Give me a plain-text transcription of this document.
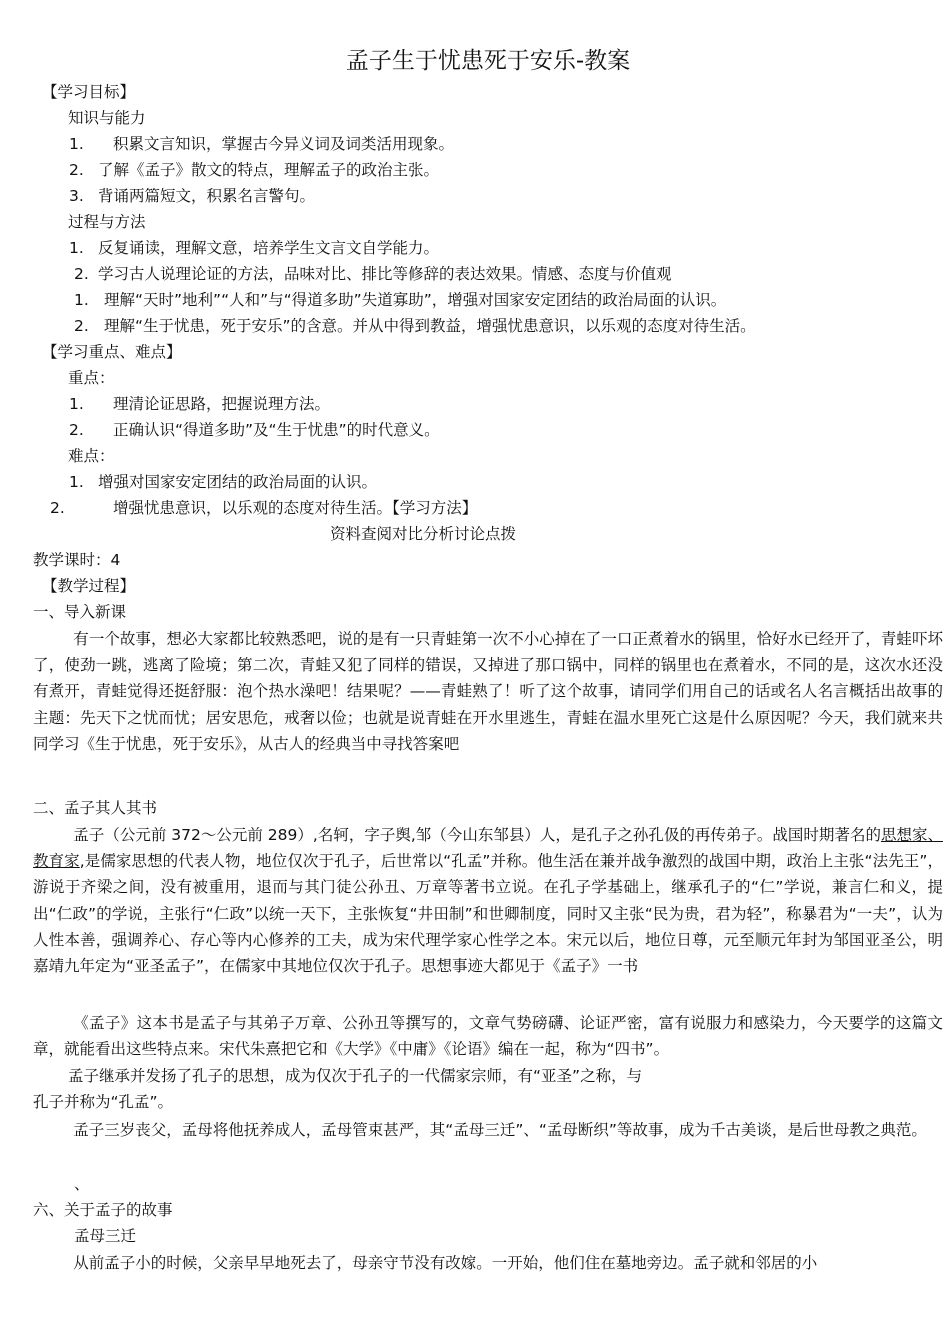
孟子生于忧患死于安乐-教案
【学习目标】
知识与能力
1. 积累文言知识，掌握古今异义词及词类活用现象。
2. 了解《孟子》散文的特点，理解孟子的政治主张。
3. 背诵两篇短文，积累名言警句。
过程与方法
1. 反复诵读，理解文意，培养学生文言文自学能力。
2. 学习古人说理论证的方法，品味对比、排比等修辞的表达效果。情感、态度与价值观
1. 理解“天时”地利”“人和”与“得道多助”失道寡助”，增强对国家安定团结的政治局面的认识。
2. 理解“生于忧患，死于安乐”的含意。并从中得到教益，增强忧患意识，以乐观的态度对待生活。
【学习重点、难点】
重点：
1. 理清论证思路，把握说理方法。
2. 正确认识“得道多助”及“生于忧患”的时代意义。
难点：
1. 增强对国家安定团结的政治局面的认识。
2.	增强忧患意识，以乐观的态度对待生活。【学习方法】
资料查阅对比分析讨论点拨
教学课时：4
【教学过程】
一、导入新课

有一个故事，想必大家都比较熟悉吧，说的是有一只青蛙第一次不小心掉在了一口正煮着水的锅里，恰好水已经开了，青蛙吓坏了，使劲一跳，逃离了险境；第二次，青蛙又犯了同样的错误，又掉进了那口锅中，同样的锅里也在煮着水，不同的是，这次水还没有煮开，青蛙觉得还挺舒服：泡个热水澡吧！结果呢？——青蛙熟了！听了这个故事，请同学们用自己的话或名人名言概括出故事的主题：先天下之忧而忧；居安思危，戒奢以俭；也就是说青蛙在开水里逃生，青蛙在温水里死亡这是什么原因呢？今天，我们就来共同学习《生于忧患，死于安乐》，从古人的经典当中寻找答案吧

二、孟子其人其书

孟子（公元前 372～公元前 289）,名轲，字子舆,邹（今山东邹县）人，是孔子之孙孔伋的再传弟子。战国时期著名的思想家、教育家,是儒家思想的代表人物，地位仅次于孔子，后世常以“孔孟”并称。他生活在兼并战争激烈的战国中期，政治上主张“法先王”，游说于齐梁之间，没有被重用，退而与其门徒公孙丑、万章等著书立说。在孔子学基础上，继承孔子的“仁”学说，兼言仁和义，提出“仁政”的学说，主张行“仁政”以统一天下，主张恢复“井田制”和世卿制度，同时又主张“民为贵，君为轻”，称暴君为“一夫”，认为人性本善，强调养心、存心等内心修养的工夫，成为宋代理学家心性学之本。宋元以后，地位日尊，元至顺元年封为邹国亚圣公，明嘉靖九年定为“亚圣孟子”，在儒家中其地位仅次于孔子。思想事迹大都见于《孟子》一书

《孟子》这本书是孟子与其弟子万章、公孙丑等撰写的，文章气势磅礴、论证严密，富有说服力和感染力，今天要学的这篇文章，就能看出这些特点来。宋代朱熹把它和《大学》《中庸》《论语》编在一起，称为“四书”。

孟子继承并发扬了孔子的思想，成为仅次于孔子的一代儒家宗师，有“亚圣”之称，与
孔子并称为“孔孟”。

孟子三岁丧父，孟母将他抚养成人，孟母管束甚严，其“孟母三迁”、“孟母断织”等故事，成为千古美谈，是后世母教之典范。

、
六、关于孟子的故事
孟母三迁

从前孟子小的时候，父亲早早地死去了，母亲守节没有改嫁。一开始，他们住在墓地旁边。孟子就和邻居的小
